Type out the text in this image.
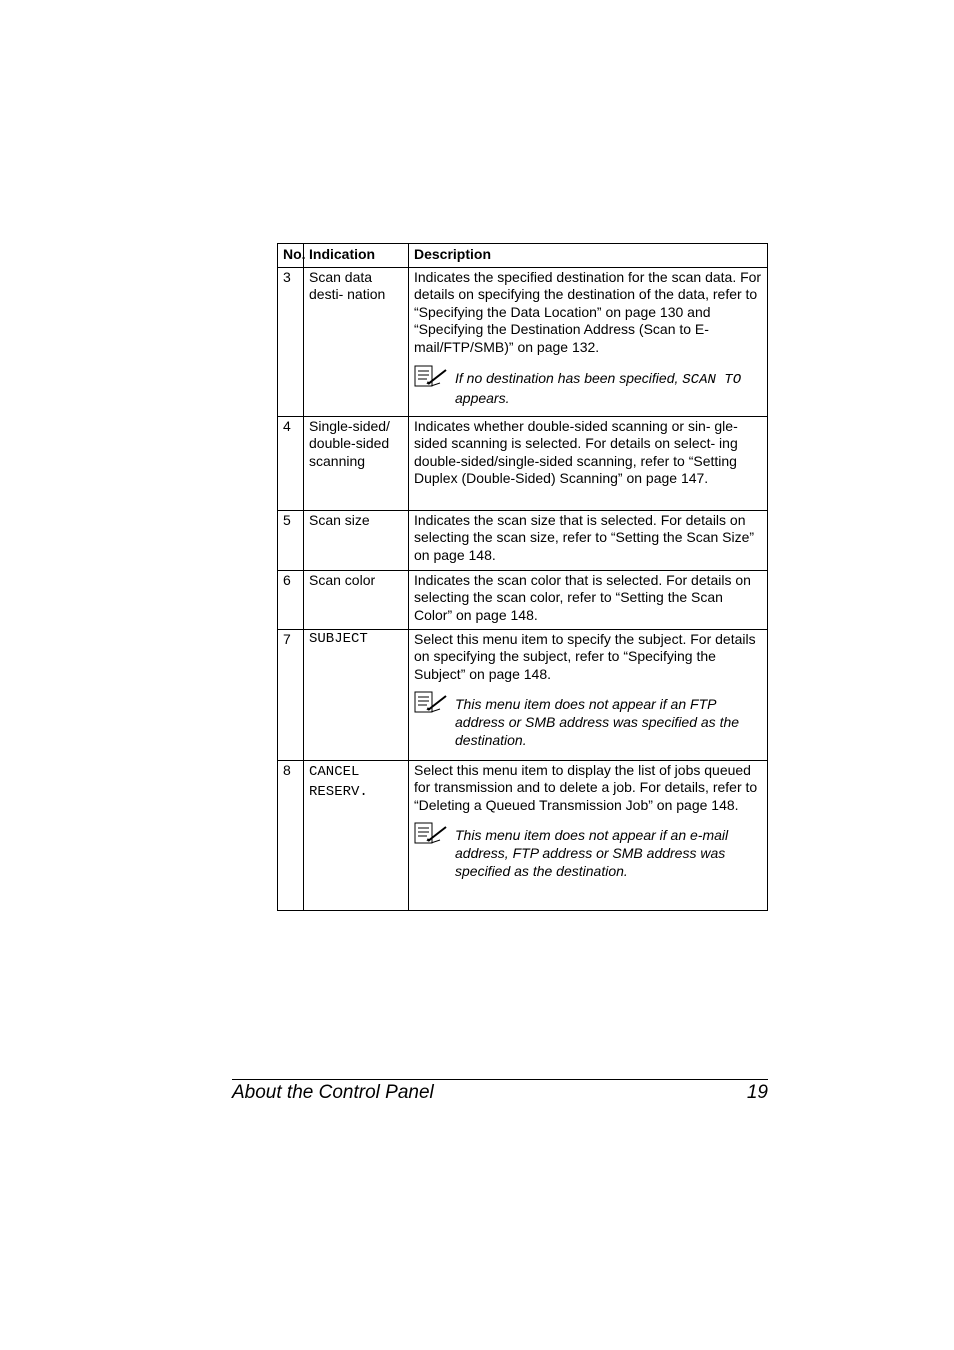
No.	Indication	Description
3	Scan data desti- nation	Indicates the specified destination for the scan data. For details on specifying the destination of the data, refer to “Specifying the Data Location” on page 130 and “Specifying the Destination Address (Scan to E-mail/FTP/SMB)” on page 132.
If no destination has been specified, SCAN TO appears.

4	Single-sided/ double-sided scanning	Indicates whether double-sided scanning or sin- gle-sided scanning is selected. For details on select- ing double-sided/single-sided scanning, refer to “Setting Duplex (Double-Sided) Scanning” on page 147.
5	Scan size	Indicates the scan size that is selected. For details on selecting the scan size, refer to “Setting the Scan Size” on page 148.
6	Scan color	Indicates the scan color that is selected. For details on selecting the scan color, refer to “Setting the Scan Color” on page 148.
7	SUBJECT	Select this menu item to specify the subject. For details on specifying the subject, refer to “Specifying the Subject” on page 148.
This menu item does not appear if an FTP address or SMB address was specified as the destination.

8	CANCEL RESERV.	Select this menu item to display the list of jobs queued for transmission and to delete a job. For details, refer to “Deleting a Queued Transmission Job” on page 148.
This menu item does not appear if an e-mail address, FTP address or SMB address was specified as the destination.
About the Control Panel	19
